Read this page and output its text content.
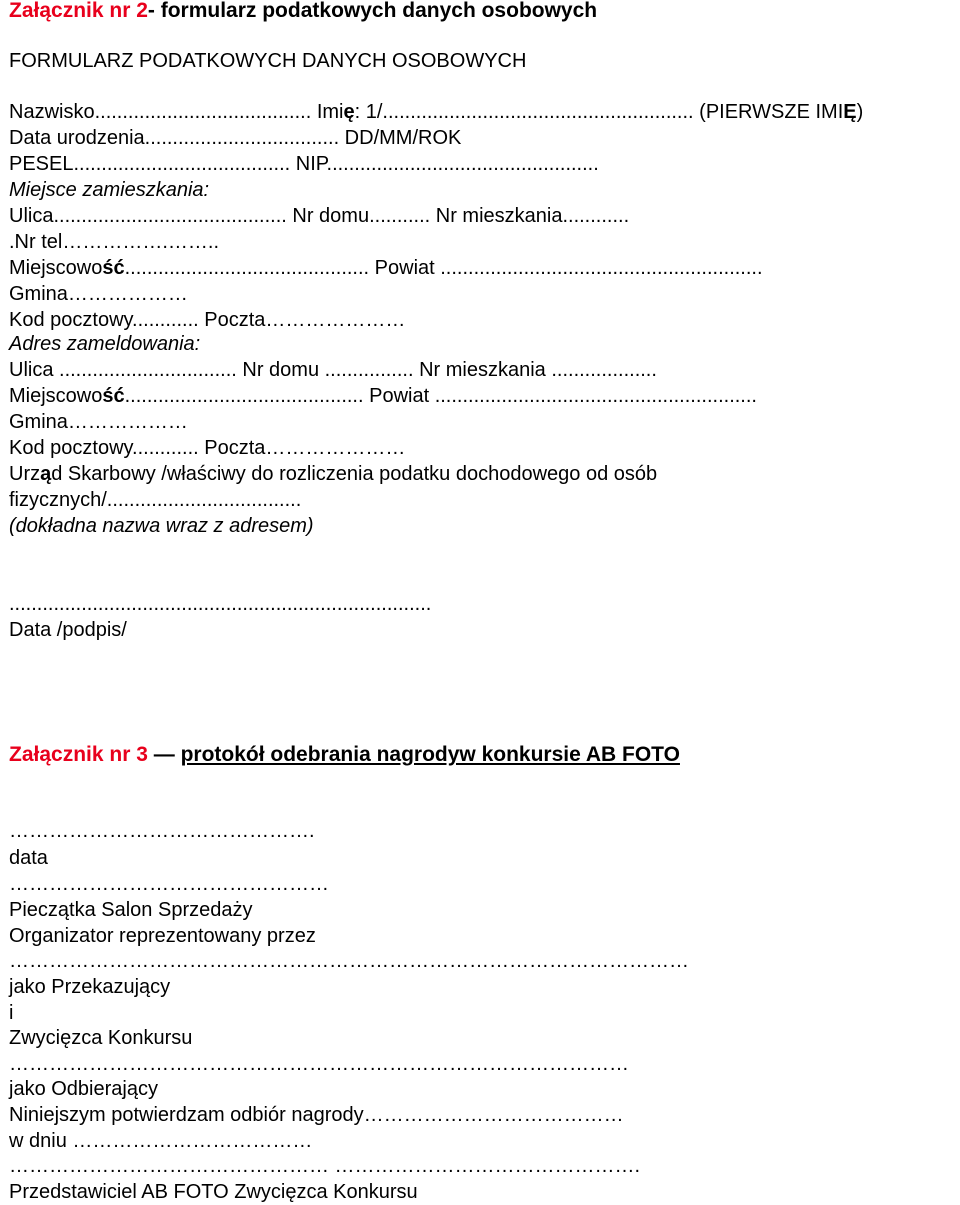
Załącznik nr 2- formularz podatkowych danych osobowych
FORMULARZ PODATKOWYCH DANYCH OSOBOWYCH
Nazwisko....................................... Imię: 1/........................................................ (PIERWSZE IMIĘ)
Data urodzenia................................... DD/MM/ROK
PESEL....................................... NIP.................................................
Miejsce zamieszkania:
Ulica.......................................... Nr domu........... Nr mieszkania............
.Nr tel…………….……..
Miejscowość............................................ Powiat ..........................................................
Gmina………………
Kod pocztowy............ Poczta…………………
Adres zameldowania:
Ulica ................................ Nr domu ................ Nr mieszkania ...................
Miejscowość........................................... Powiat ..........................................................
Gmina………………
Kod pocztowy............ Poczta…………………
Urząd Skarbowy /właściwy do rozliczenia podatku dochodowego od osób
fizycznych/...................................
(dokładna nazwa wraz z adresem)
............................................................................
Data /podpis/
Załącznik nr 3 — protokół odebrania nagrodyw konkursie AB FOTO
……………………………………….
data
…………………………………………
Pieczątka Salon Sprzedaży
Organizator reprezentowany przez
…………………………………………………………………………………………
jako Przekazujący
i
Zwycięzca Konkursu
…………………………………………………………………………………
jako Odbierający
Niniejszym potwierdzam odbiór nagrody…………………………………
w dniu ………………………………
………………………………………… ……………………………………….
Przedstawiciel AB FOTO Zwycięzca Konkursu
